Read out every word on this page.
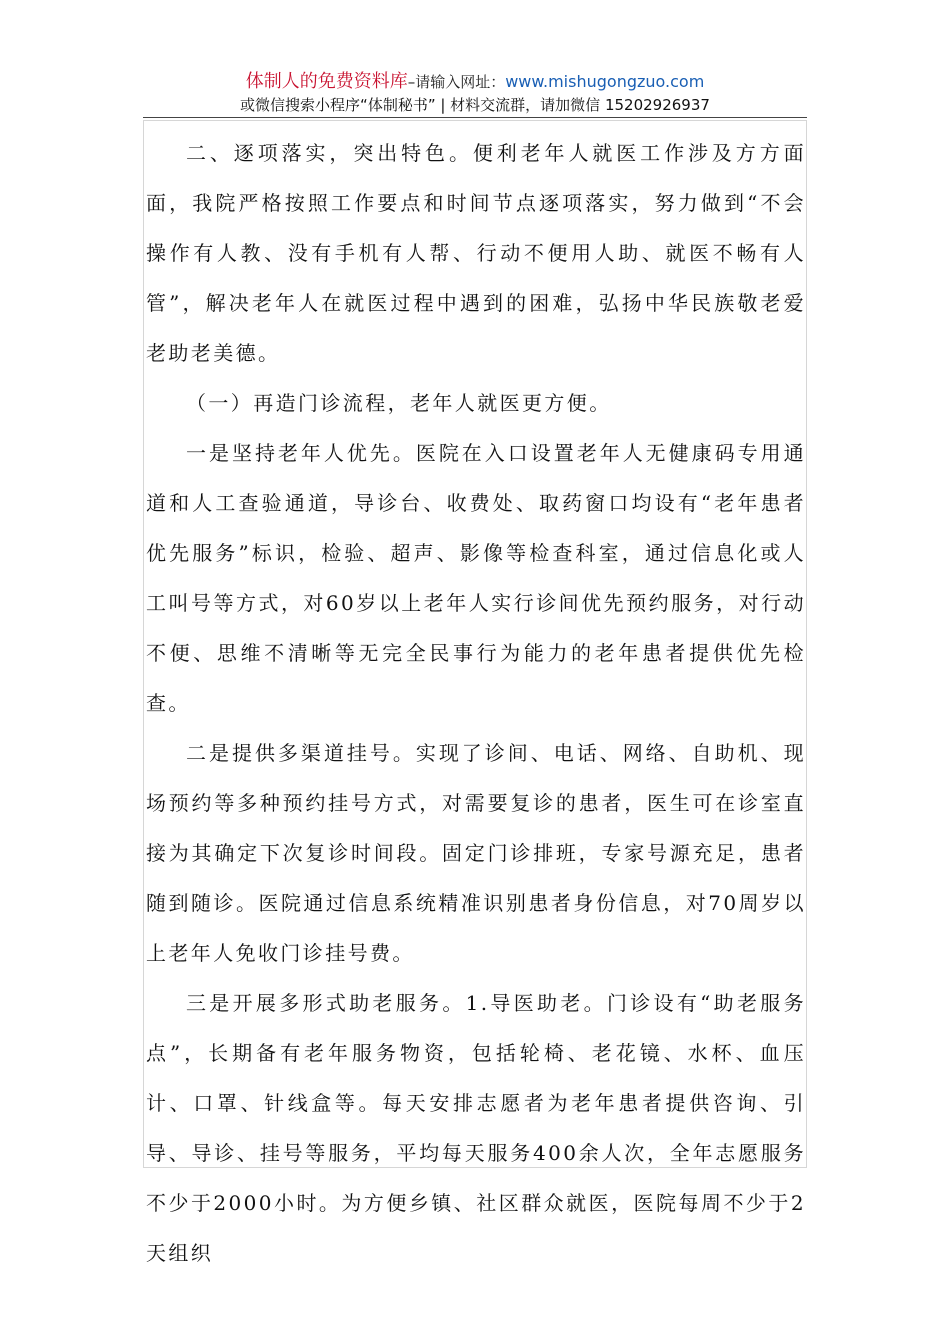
体制人的免费资料库–请输入网址：www.mishugongzuo.com
或微信搜索小程序“体制秘书” | 材料交流群，请加微信 15202926937

二、逐项落实，突出特色。便利老年人就医工作涉及方方面面，我院严格按照工作要点和时间节点逐项落实，努力做到“不会操作有人教、没有手机有人帮、行动不便用人助、就医不畅有人管”，解决老年人在就医过程中遇到的困难，弘扬中华民族敬老爱老助老美德。

（一）再造门诊流程，老年人就医更方便。

一是坚持老年人优先。医院在入口设置老年人无健康码专用通道和人工查验通道，导诊台、收费处、取药窗口均设有“老年患者优先服务”标识，检验、超声、影像等检查科室，通过信息化或人工叫号等方式，对60岁以上老年人实行诊间优先预约服务，对行动不便、思维不清晰等无完全民事行为能力的老年患者提供优先检查。

二是提供多渠道挂号。实现了诊间、电话、网络、自助机、现场预约等多种预约挂号方式，对需要复诊的患者，医生可在诊室直接为其确定下次复诊时间段。固定门诊排班，专家号源充足，患者随到随诊。医院通过信息系统精准识别患者身份信息，对70周岁以上老年人免收门诊挂号费。

三是开展多形式助老服务。1.导医助老。门诊设有“助老服务点”，长期备有老年服务物资，包括轮椅、老花镜、水杯、血压计、口罩、针线盒等。每天安排志愿者为老年患者提供咨询、引导、导诊、挂号等服务，平均每天服务400余人次，全年志愿服务不少于2000小时。为方便乡镇、社区群众就医，医院每周不少于2天组织
